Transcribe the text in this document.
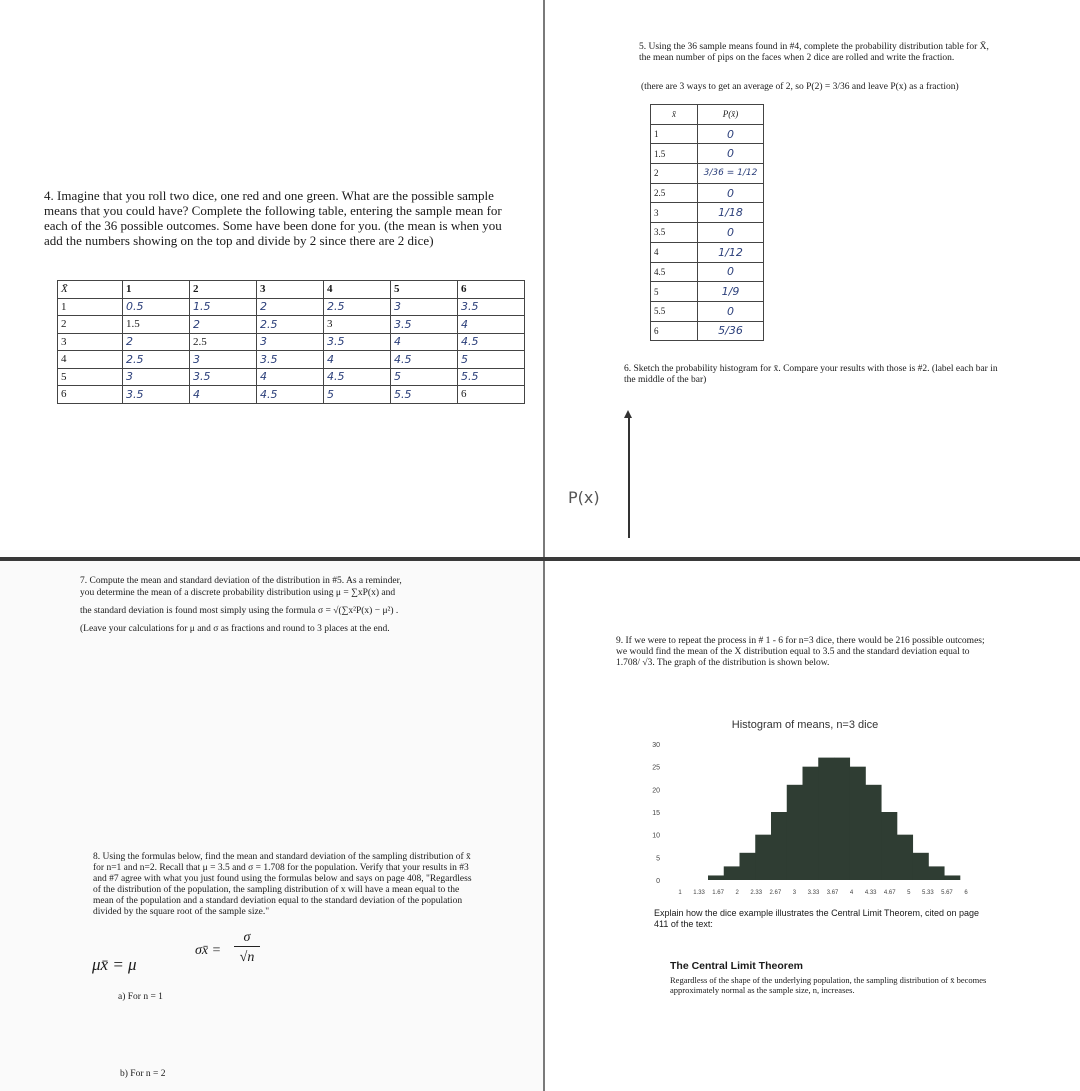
4. Imagine that you roll two dice, one red and one green. What are the possible sample means that you could have? Complete the following table, entering the sample mean for each of the 36 possible outcomes. Some have been done for you. (the mean is when you add the numbers showing on the top and divide by 2 since there are 2 dice)
X̄	1	2	3	4	5	6
1	0.5	1.5	2	2.5	3	3.5
2	1.5	2	2.5	3	3.5	4
3	2	2.5	3	3.5	4	4.5
4	2.5	3	3.5	4	4.5	5
5	3	3.5	4	4.5	5	5.5
6	3.5	4	4.5	5	5.5	6
5. Using the 36 sample means found in #4, complete the probability distribution table for X̄, the mean number of pips on the faces when 2 dice are rolled and write the fraction.
(there are 3 ways to get an average of 2, so P(2) = 3/36 and leave P(x) as a fraction)
x̄	P(x̄)
1	0
1.5	0
2	3/36 = 1/12
2.5	0
3	1/18
3.5	0
4	1/12
4.5	0
5	1/9
5.5	0
6	5/36
6. Sketch the probability histogram for x̄. Compare your results with those is #2. (label each bar in the middle of the bar)
P(x)
7. Compute the mean and standard deviation of the distribution in #5. As a reminder,
you determine the mean of a discrete probability distribution using μ = ∑xP(x) and
the standard deviation is found most simply using the formula σ = √(∑x²P(x) − μ²) .
(Leave your calculations for μ and σ as fractions and round to 3 places at the end.
8. Using the formulas below, find the mean and standard deviation of the sampling distribution of x̄ for n=1 and n=2. Recall that μ = 3.5 and σ = 1.708 for the population. Verify that your results in #3 and #7 agree with what you just found using the formulas below and says on page 408, "Regardless of the distribution of the population, the sampling distribution of x will have a mean equal to the mean of the population and a standard deviation equal to the standard deviation of the population divided by the square root of the sample size."
μx̄ = μ
σx̄ =
σ
√n
a) For n = 1
b) For n = 2
9. If we were to repeat the process in # 1 - 6 for n=3 dice, there would be 216 possible outcomes; we would find the mean of the X distribution equal to 3.5 and the standard deviation equal to 1.708/ √3. The graph of the distribution is shown below.
Histogram of means, n=3 dice
0
5
10
15
20
25
30
1 1.33 1.67 2 2.33 2.67 3 3.33 3.67 4 4.33 4.67 5 5.33 5.67 6
Explain how the dice example illustrates the Central Limit Theorem, cited on page 411 of the text:
The Central Limit Theorem
Regardless of the shape of the underlying population, the sampling distribution of x̄ becomes approximately normal as the sample size, n, increases.
